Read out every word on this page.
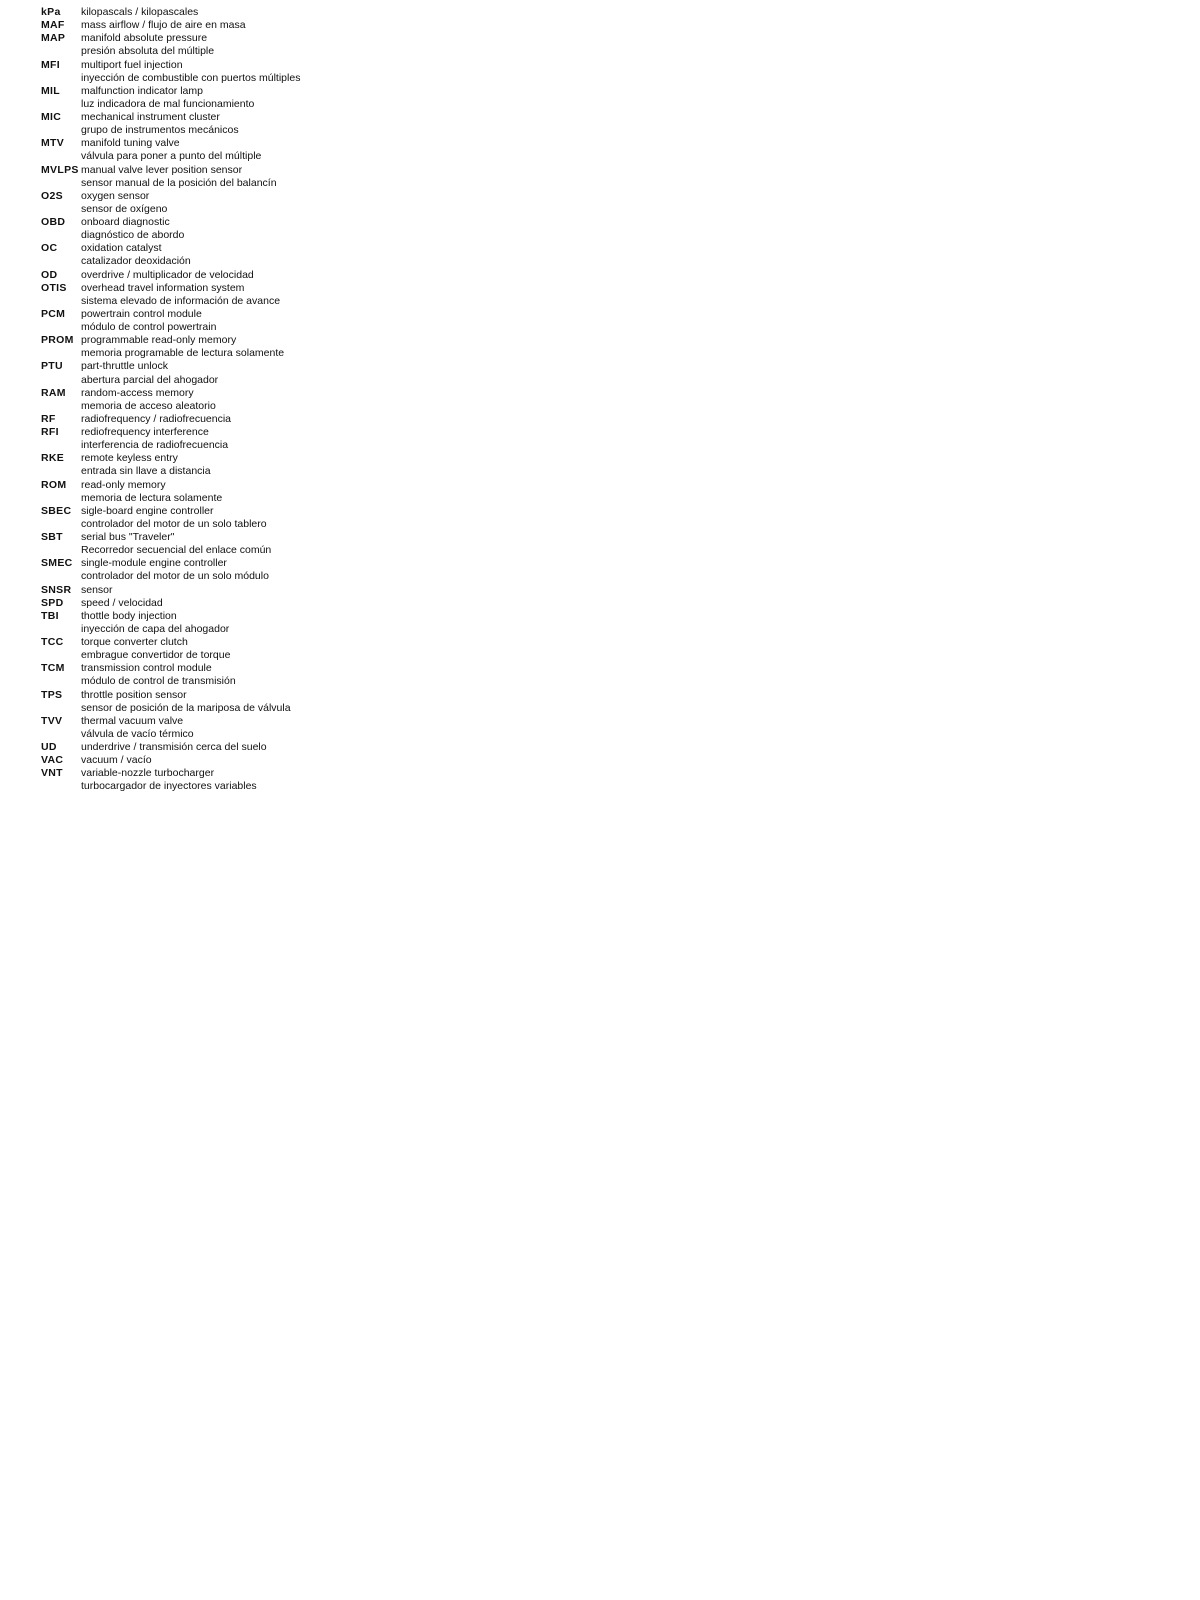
kPa	kilopascals / kilopascales
MAF	mass airflow / flujo de aire en masa
MAP	manifold absolute pressure
presión absoluta del múltiple
MFI	multiport fuel injection
inyección de combustible con puertos múltiples
MIL	malfunction indicator lamp
luz indicadora de mal funcionamiento
MIC	mechanical instrument cluster
grupo de instrumentos mecánicos
MTV	manifold tuning valve
válvula para poner a punto del múltiple
MVLPS manual valve lever position sensor
sensor manual de la posición del balancín
O2S	oxygen sensor
sensor de oxígeno
OBD	onboard diagnostic
diagnóstico de abordo
OC	oxidation catalyst
catalizador deoxidación
OD	overdrive / multiplicador de velocidad
OTIS	overhead travel information system
sistema elevado de información de avance
PCM	powertrain control module
módulo de control powertrain
PROM programmable read-only memory
memoria programable de lectura solamente
PTU	part-thruttle unlock
abertura parcial del ahogador
RAM	random-access memory
memoria de acceso aleatorio
RF	radiofrequency / radiofrecuencia
RFI	rediofrequency interference
interferencia de radiofrecuencia
RKE	remote keyless entry
entrada sin llave a distancia
ROM	read-only memory
memoria de lectura solamente
SBEC sigle-board engine controller
controlador del motor de un solo tablero
SBT	serial bus "Traveler"
Recorredor secuencial del enlace común
SMEC single-module engine controller
controlador del motor de un solo módulo
SNSR sensor
SPD	speed / velocidad
TBI	thottle body injection
inyección de capa del ahogador
TCC	torque converter clutch
embrague convertidor de torque
TCM	transmission control module
módulo de control de transmisión
TPS	throttle position sensor
sensor de posición de la mariposa de válvula
TVV	thermal vacuum valve
válvula de vacío térmico
UD	underdrive / transmisión cerca del suelo
VAC	vacuum / vacío
VNT	variable-nozzle turbocharger
turbocargador de inyectores variables
